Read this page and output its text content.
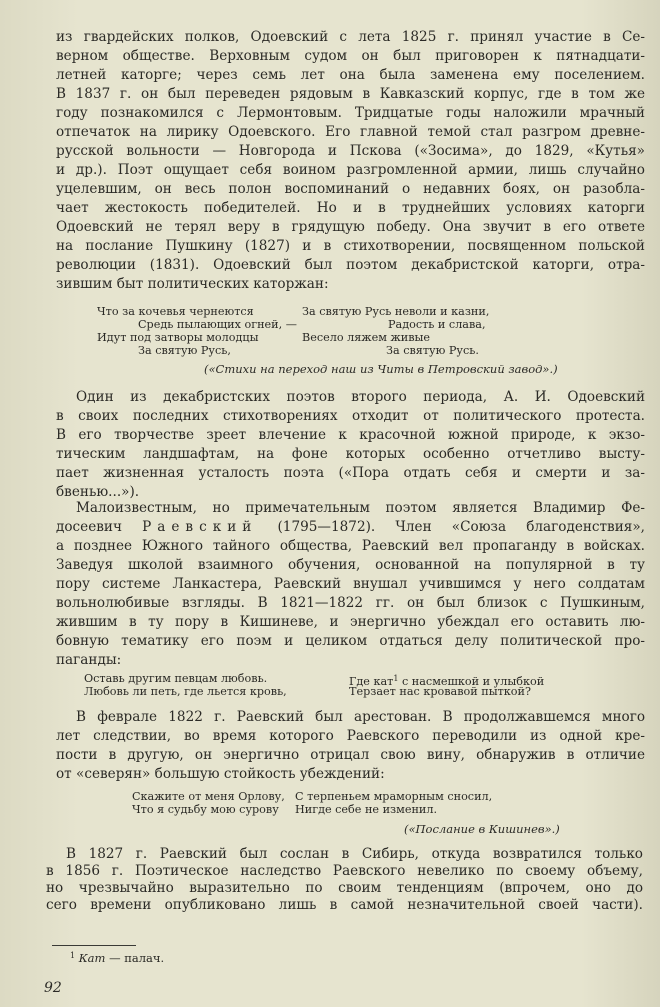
из гвардейских полков, Одоевский с лета 1825 г. принял участие в Се-
верном обществе. Верховным судом он был приговорен к пятнадцати-
летней каторге; через семь лет она была заменена ему поселением.
В 1837 г. он был переведен рядовым в Кавказский корпус, где в том же
году познакомился с Лермонтовым. Тридцатые годы наложили мрачный
отпечаток на лирику Одоевского. Его главной темой стал разгром древне-
русской вольности — Новгорода и Пскова («Зосима», до 1829, «Кутья»
и др.). Поэт ощущает себя воином разгромленной армии, лишь случайно
уцелевшим, он весь полон воспоминаний о недавних боях, он разобла-
чает жестокость победителей. Но и в труднейших условиях каторги
Одоевский не терял веру в грядущую победу. Она звучит в его ответе
на послание Пушкину (1827) и в стихотворении, посвященном польской
революции (1831). Одоевский был поэтом декабристской каторги, отра-
зившим быт политических каторжан:
Что за кочевья чернеются
Средь пылающих огней, —
Идут под затворы молодцы
За святую Русь,
За святую Русь неволи и казни,
Радость и слава,
Весело ляжем живые
За святую Русь.
(«Стихи на переход наш из Читы в Петровский завод».)
Один из декабристских поэтов второго периода, А. И. Одоевский
в своих последних стихотворениях отходит от политического протеста.
В его творчестве зреет влечение к красочной южной природе, к экзо-
тическим ландшафтам, на фоне которых особенно отчетливо высту-
пает жизненная усталость поэта («Пора отдать себя и смерти и за-
бвенью...»).
Малоизвестным, но примечательным поэтом является Владимир Фе-
досеевич Раевский (1795—1872). Член «Союза благоденствия»,
а позднее Южного тайного общества, Раевский вел пропаганду в войсках.
Заведуя школой взаимного обучения, основанной на популярной в ту
пору системе Ланкастера, Раевский внушал учившимся у него солдатам
вольнолюбивые взгляды. В 1821—1822 гг. он был близок с Пушкиным,
жившим в ту пору в Кишиневе, и энергично убеждал его оставить лю-
бовную тематику его поэм и целиком отдаться делу политической про-
паганды:
Оставь другим певцам любовь.
Любовь ли петь, где льется кровь,
Где кат$^1$ с насмешкой и улыбкой
Терзает нас кровавой пыткой?
В феврале 1822 г. Раевский был арестован. В продолжавшемся много
лет следствии, во время которого Раевского переводили из одной кре-
пости в другую, он энергично отрицал свою вину, обнаружив в отличие
от «северян» большую стойкость убеждений:
Скажите от меня Орлову,
Что я судьбу мою сурову
С терпеньем мраморным сносил,
Нигде себе не изменил.
(«Послание в Кишинев».)
В 1827 г. Раевский был сослан в Сибирь, откуда возвратился только
в 1856 г. Поэтическое наследство Раевского невелико по своему объему,
но чрезвычайно выразительно по своим тенденциям (впрочем, оно до
сего времени опубликовано лишь в самой незначительной своей части).
$^1$ Кат — палач.
92
